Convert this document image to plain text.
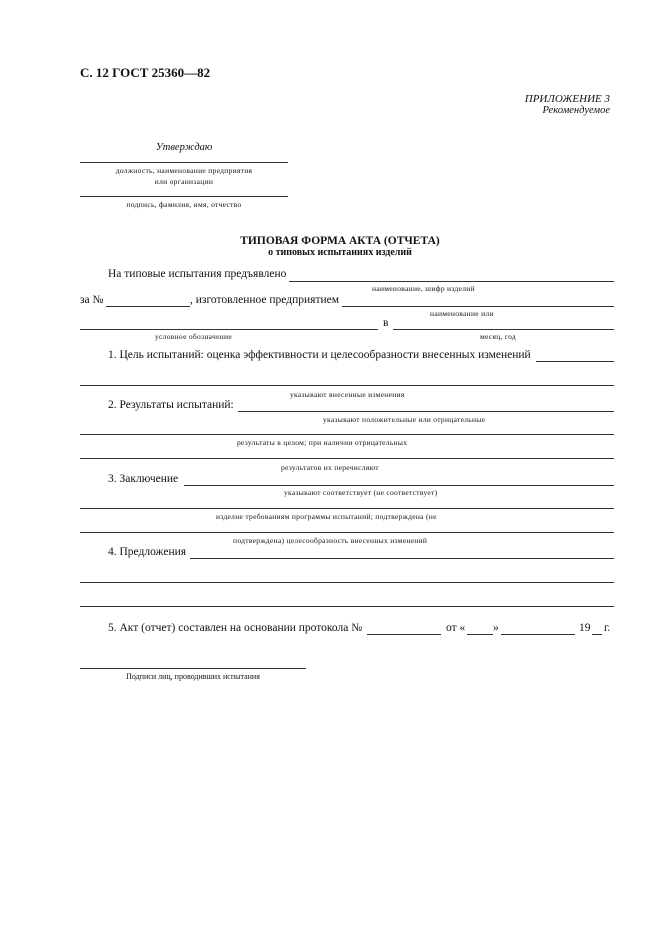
С. 12 ГОСТ 25360—82
ПРИЛОЖЕНИЕ 3
Рекомендуемое
Утверждаю
должность, наименование предприятия
или организации
подпись, фамилия, имя, отчество
ТИПОВАЯ ФОРМА АКТА (ОТЧЕТА)
о типовых испытаниях изделий
На типовые испытания предъявлено
наименование, шифр изделий
за №	, изготовленное предприятием
наименование или
в
условное обозначение	месяц, год
1. Цель испытаний: оценка эффективности и целесообразности внесенных изменений
указывают внесенные изменения
2. Результаты испытаний:
указывают положительные или отрицательные
результаты в целом; при наличии отрицательных
результатов их перечисляют
3. Заключение
указывают соответствует (не соответствует)
изделие требованиям программы испытаний; подтверждена (не
подтверждена) целесообразность внесенных изменений
4. Предложения
5. Акт (отчет) составлен на основании протокола №	от « »	19 г.
Подписи лиц, проводивших испытания
